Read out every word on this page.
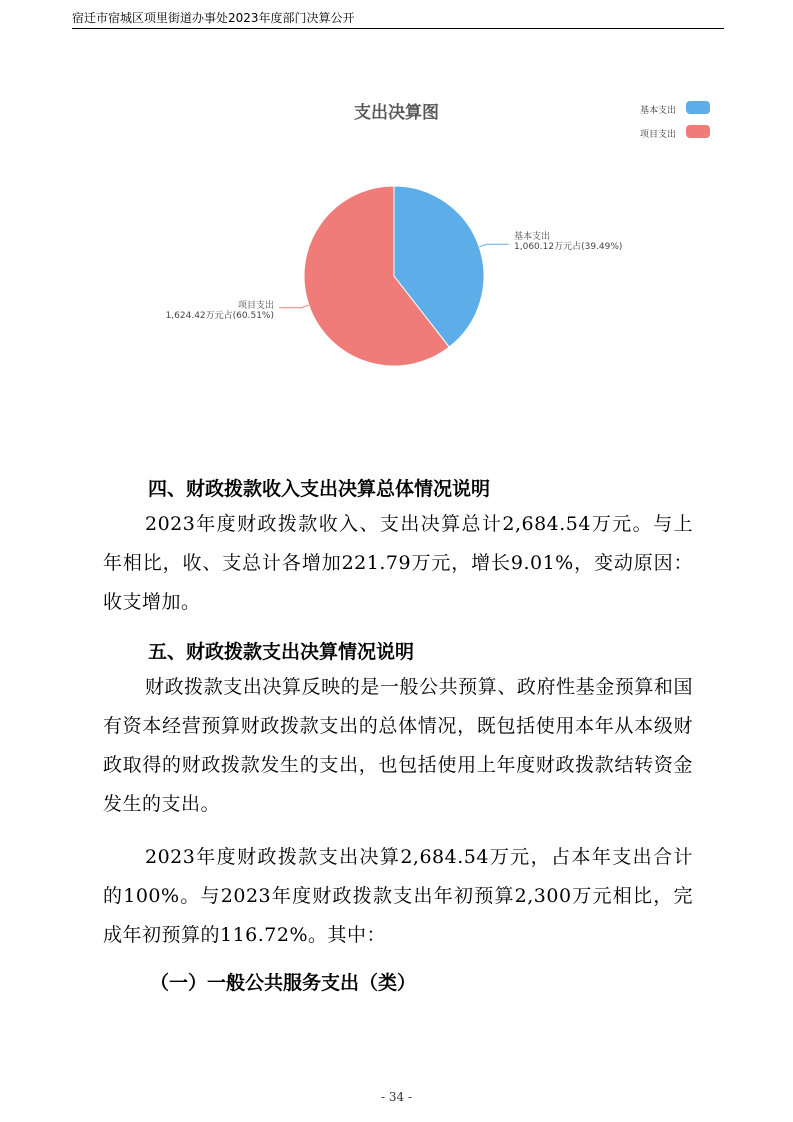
宿迁市宿城区项里街道办事处2023年度部门决算公开
支出决算图	基本支出
项目支出
基本支出
1,060.12万元占(39.49%)
项目支出
1,624.42万元占(60.51%)
四、财政拨款收入支出决算总体情况说明
2023年度财政拨款收入、支出决算总计2,684.54万元。与上年相比，收、支总计各增加221.79万元，增长9.01%，变动原因：收支增加。
五、财政拨款支出决算情况说明
财政拨款支出决算反映的是一般公共预算、政府性基金预算和国有资本经营预算财政拨款支出的总体情况，既包括使用本年从本级财政取得的财政拨款发生的支出，也包括使用上年度财政拨款结转资金发生的支出。
2023年度财政拨款支出决算2,684.54万元，占本年支出合计的100%。与2023年度财政拨款支出年初预算2,300万元相比，完成年初预算的116.72%。其中：
（一）一般公共服务支出（类）
- 34 -
